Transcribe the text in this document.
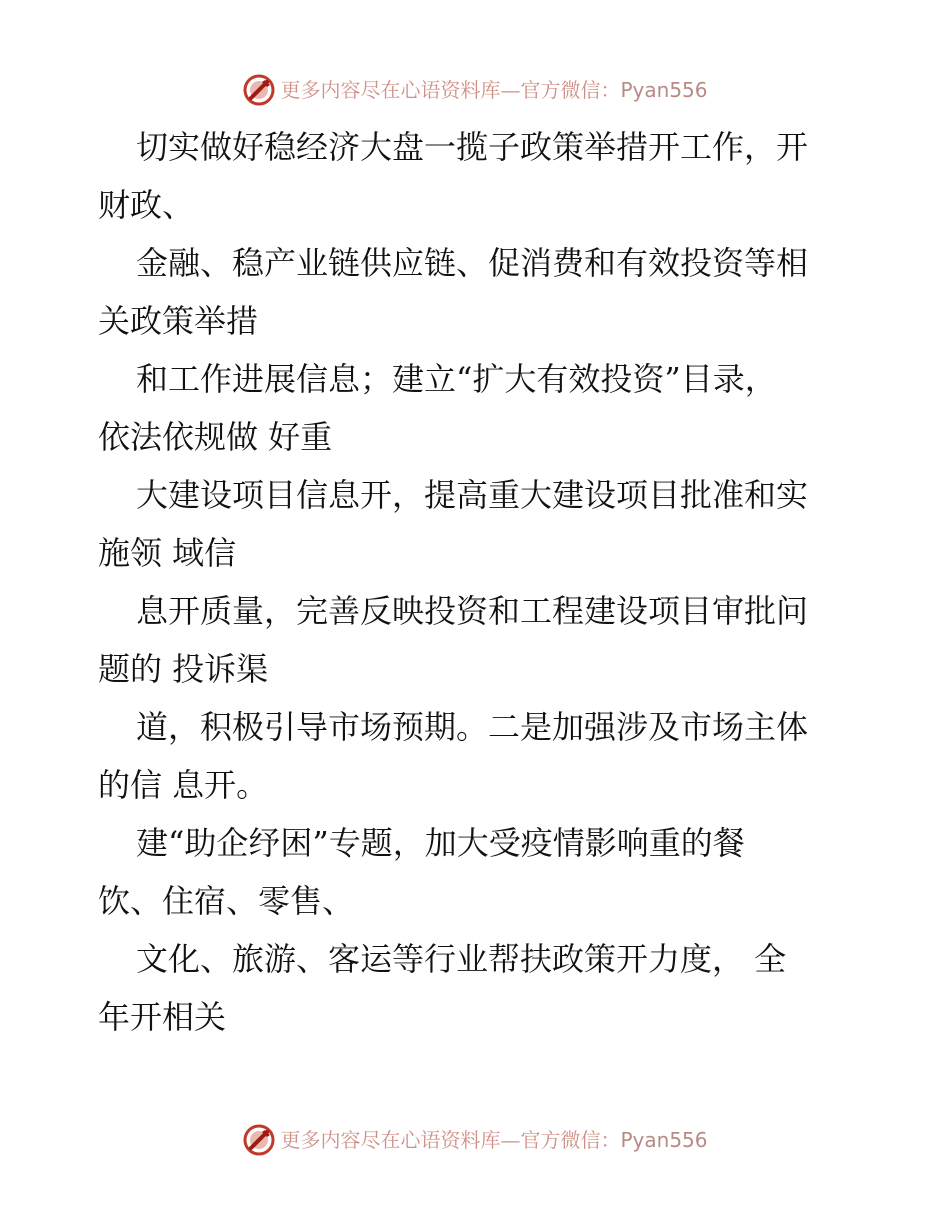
更多内容尽在心语资料库— 官方微信： Pyan556
切实做好稳经济大盘一揽子政策举措开工作，开
财政、
金融、稳产业链供应链、促消费和有效投资等相
关政策举措
和工作进展信息；建立“扩大有效投资”目录，
依法依规做 好重
大建设项目信息开，提高重大建设项目批准和实
施领 域信
息开质量，完善反映投资和工程建设项目审批问
题的 投诉渠
道，积极引导市场预期。二是加强涉及市场主体
的信 息开。
建“助企纾困”专题，加大受疫情影响重的餐
饮、住宿、零售、
文化、旅游、客运等行业帮扶政策开力度， 全
年开相关
更多内容尽在心语资料库— 官方微信： Pyan556
